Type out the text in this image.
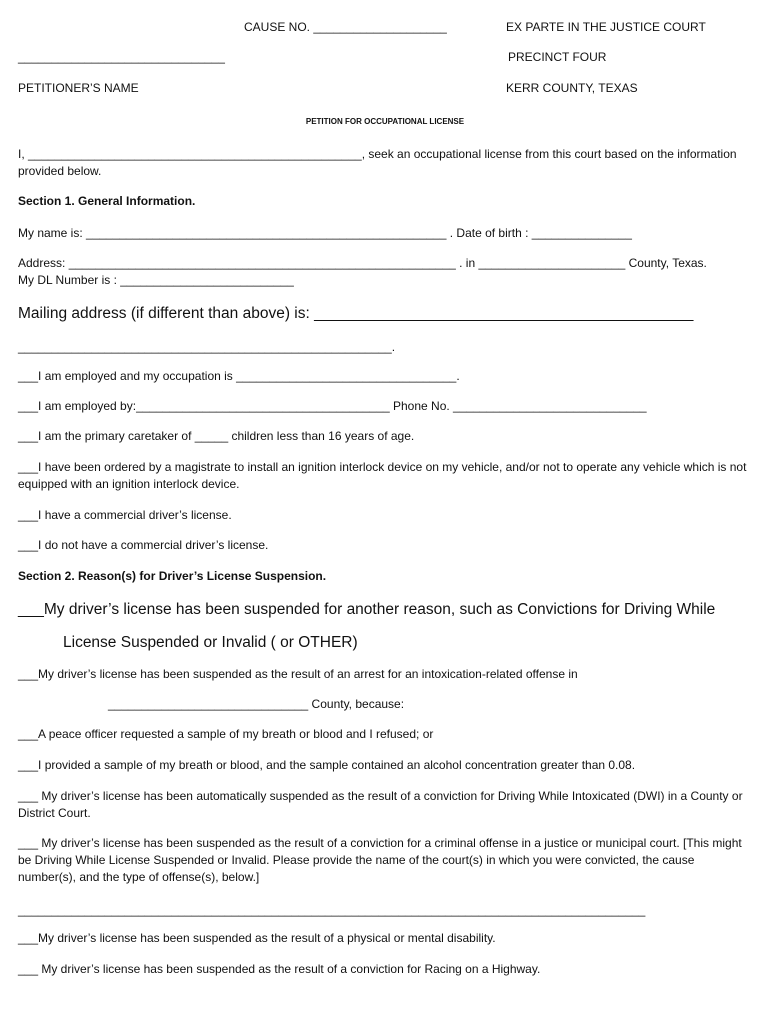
CAUSE NO. ____________________	EX PARTE IN THE JUSTICE COURT
_______________________________	PRECINCT FOUR
PETITIONER’S NAME	KERR COUNTY, TEXAS
PETITION FOR OCCUPATIONAL LICENSE
I, __________________________________________________, seek an occupational license from this court based on the information provided below.
Section 1. General Information.
My name is: ______________________________________________________ . Date of birth : _______________
Address: __________________________________________________________ . in ______________________ County, Texas.
My DL Number is : __________________________
Mailing address (if different than above) is: ____________________________________________
________________________________________________________.
___I am employed and my occupation is _________________________________.
___I am employed by:______________________________________ Phone No. _____________________________
___I am the primary caretaker of _____ children less than 16 years of age.
___I have been ordered by a magistrate to install an ignition interlock device on my vehicle, and/or not to operate any vehicle which is not equipped with an ignition interlock device.
___I have a commercial driver’s license.
___I do not have a commercial driver’s license.
Section 2. Reason(s) for Driver’s License Suspension.
___My driver’s license has been suspended for another reason, such as Convictions for Driving While
License Suspended or Invalid ( or OTHER)
___My driver’s license has been suspended as the result of an arrest for an intoxication-related offense in
______________________________ County, because:
___A peace officer requested a sample of my breath or blood and I refused; or
___I provided a sample of my breath or blood, and the sample contained an alcohol concentration greater than 0.08.
___ My driver’s license has been automatically suspended as the result of a conviction for Driving While Intoxicated (DWI) in a County or District Court.
___ My driver’s license has been suspended as the result of a conviction for a criminal offense in a justice or municipal court. [This might be Driving While License Suspended or Invalid. Please provide the name of the court(s) in which you were convicted, the cause number(s), and the type of offense(s), below.]
______________________________________________________________________________________________
___My driver’s license has been suspended as the result of a physical or mental disability.
___ My driver’s license has been suspended as the result of a conviction for Racing on a Highway.
